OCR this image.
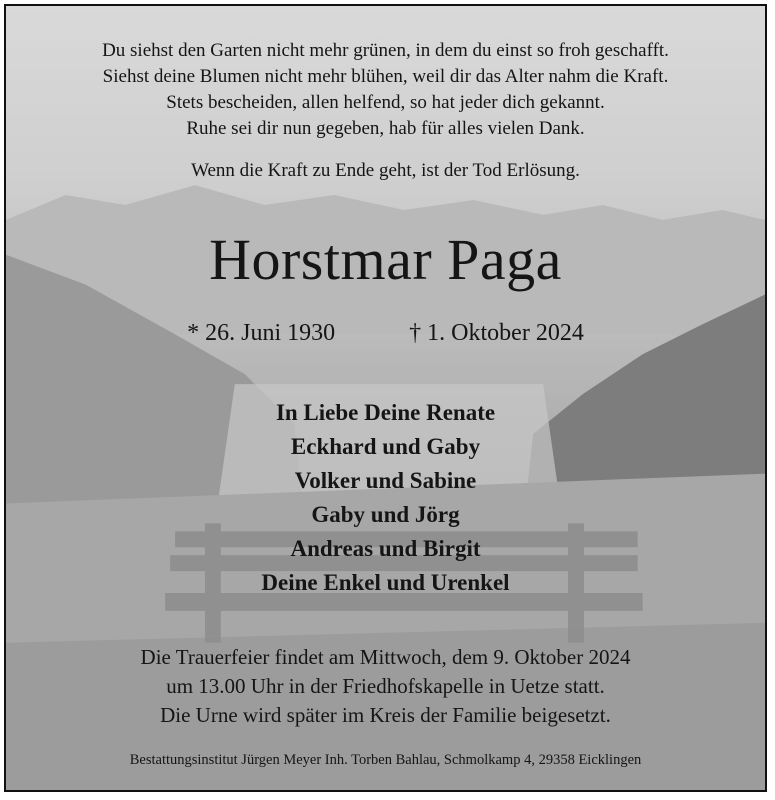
Du siehst den Garten nicht mehr grünen, in dem du einst so froh geschafft.
Siehst deine Blumen nicht mehr blühen, weil dir das Alter nahm die Kraft.
Stets bescheiden, allen helfend, so hat jeder dich gekannt.
Ruhe sei dir nun gegeben, hab für alles vielen Dank.
Wenn die Kraft zu Ende geht, ist der Tod Erlösung.
Horstmar Paga
* 26. Juni 1930	† 1. Oktober 2024
In Liebe Deine Renate
Eckhard und Gaby
Volker und Sabine
Gaby und Jörg
Andreas und Birgit
Deine Enkel und Urenkel
Die Trauerfeier findet am Mittwoch, dem 9. Oktober 2024
um 13.00 Uhr in der Friedhofskapelle in Uetze statt.
Die Urne wird später im Kreis der Familie beigesetzt.
Bestattungsinstitut Jürgen Meyer Inh. Torben Bahlau, Schmolkamp 4, 29358 Eicklingen
